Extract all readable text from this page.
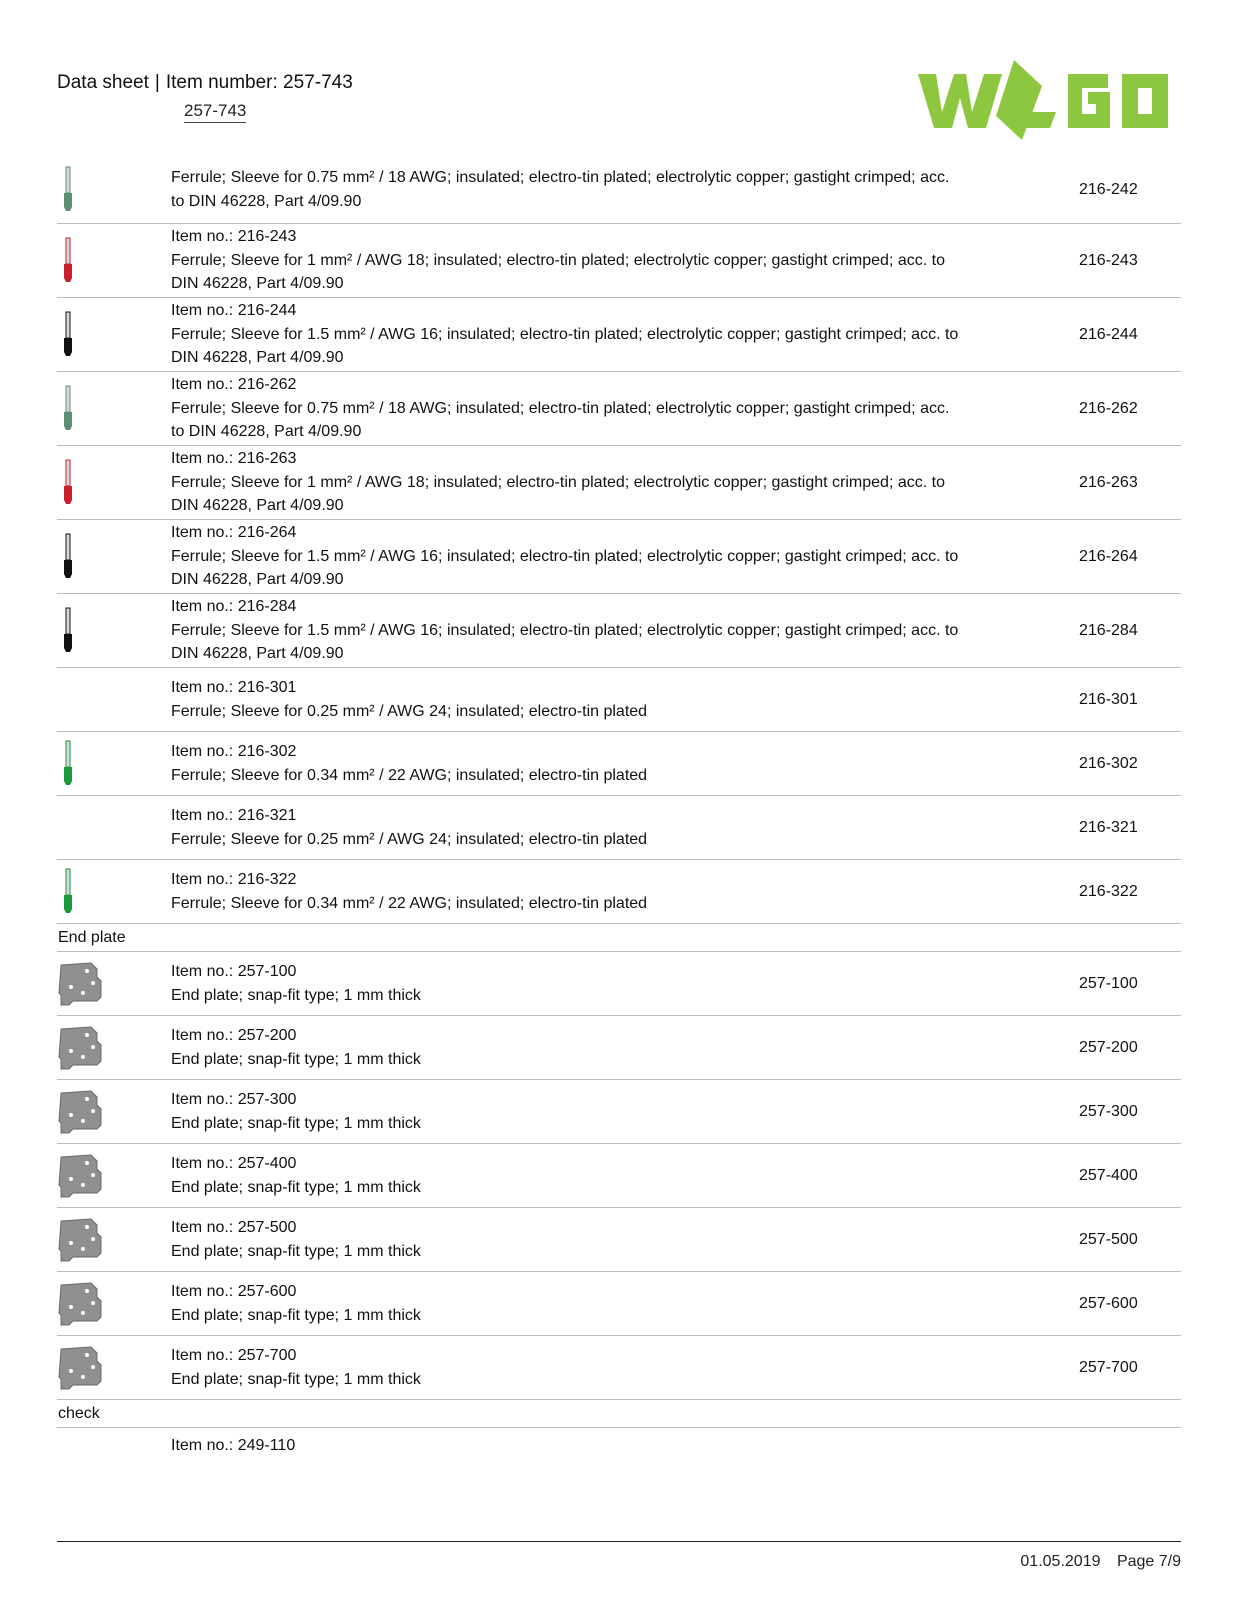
Data sheet | Item number: 257-743
257-743
Ferrule; Sleeve for 0.75 mm² / 18 AWG; insulated; electro-tin plated; electrolytic copper; gastight crimped; acc. to DIN 46228, Part 4/09.90
216-242
Item no.: 216-243
Ferrule; Sleeve for 1 mm² / AWG 18; insulated; electro-tin plated; electrolytic copper; gastight crimped; acc. to DIN 46228, Part 4/09.90
216-243
Item no.: 216-244
Ferrule; Sleeve for 1.5 mm² / AWG 16; insulated; electro-tin plated; electrolytic copper; gastight crimped; acc. to DIN 46228, Part 4/09.90
216-244
Item no.: 216-262
Ferrule; Sleeve for 0.75 mm² / 18 AWG; insulated; electro-tin plated; electrolytic copper; gastight crimped; acc. to DIN 46228, Part 4/09.90
216-262
Item no.: 216-263
Ferrule; Sleeve for 1 mm² / AWG 18; insulated; electro-tin plated; electrolytic copper; gastight crimped; acc. to DIN 46228, Part 4/09.90
216-263
Item no.: 216-264
Ferrule; Sleeve for 1.5 mm² / AWG 16; insulated; electro-tin plated; electrolytic copper; gastight crimped; acc. to DIN 46228, Part 4/09.90
216-264
Item no.: 216-284
Ferrule; Sleeve for 1.5 mm² / AWG 16; insulated; electro-tin plated; electrolytic copper; gastight crimped; acc. to DIN 46228, Part 4/09.90
216-284
Item no.: 216-301
Ferrule; Sleeve for 0.25 mm² / AWG 24; insulated; electro-tin plated
216-301
Item no.: 216-302
Ferrule; Sleeve for 0.34 mm² / 22 AWG; insulated; electro-tin plated
216-302
Item no.: 216-321
Ferrule; Sleeve for 0.25 mm² / AWG 24; insulated; electro-tin plated
216-321
Item no.: 216-322
Ferrule; Sleeve for 0.34 mm² / 22 AWG; insulated; electro-tin plated
216-322
End plate
Item no.: 257-100
End plate; snap-fit type; 1 mm thick
257-100
Item no.: 257-200
End plate; snap-fit type; 1 mm thick
257-200
Item no.: 257-300
End plate; snap-fit type; 1 mm thick
257-300
Item no.: 257-400
End plate; snap-fit type; 1 mm thick
257-400
Item no.: 257-500
End plate; snap-fit type; 1 mm thick
257-500
Item no.: 257-600
End plate; snap-fit type; 1 mm thick
257-600
Item no.: 257-700
End plate; snap-fit type; 1 mm thick
257-700
check
Item no.: 249-110
01.05.2019 Page 7/9
